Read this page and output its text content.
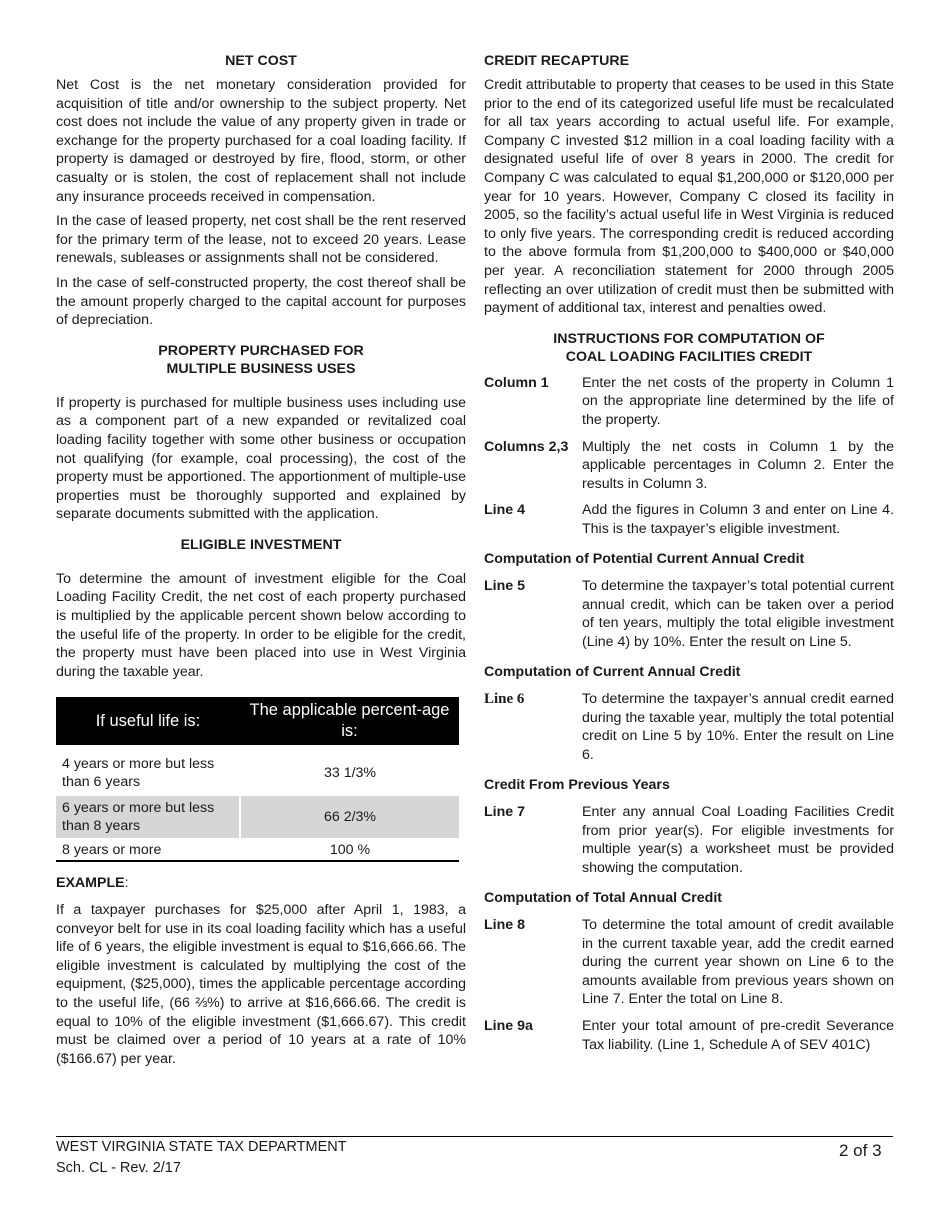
NET COST

Net Cost is the net monetary consideration provided for acquisition of title and/or ownership to the subject property. Net cost does not include the value of any property given in trade or exchange for the property purchased for a coal loading facility. If property is damaged or destroyed by fire, flood, storm, or other casualty or is stolen, the cost of replacement shall not include any insurance proceeds received in compensation.

In the case of leased property, net cost shall be the rent reserved for the primary term of the lease, not to exceed 20 years. Lease renewals, subleases or assignments shall not be considered.

In the case of self-constructed property, the cost thereof shall be the amount properly charged to the capital account for purposes of depreciation.

PROPERTY PURCHASED FOR
MULTIPLE BUSINESS USES

If property is purchased for multiple business uses including use as a component part of a new expanded or revitalized coal loading facility together with some other business or occupation not qualifying (for example, coal processing), the cost of the property must be apportioned. The apportionment of multiple-use properties must be thoroughly supported and explained by separate documents submitted with the application.

ELIGIBLE INVESTMENT

To determine the amount of investment eligible for the Coal Loading Facility Credit, the net cost of each property purchased is multiplied by the applicable percent shown below according to the useful life of the property. In order to be eligible for the credit, the property must have been placed into use in West Virginia during the taxable year.

If useful life is:	The applicable percent-age is:
4 years or more but less than 6 years	33 1/3%
6 years or more but less than 8 years	66 2/3%
8 years or more	100 %
EXAMPLE:

If a taxpayer purchases for $25,000 after April 1, 1983, a conveyor belt for use in its coal loading facility which has a useful life of 6 years, the eligible investment is equal to $16,666.66. The eligible investment is calculated by multiplying the cost of the equipment, ($25,000), times the applicable percentage according to the useful life, (66 ⅔%) to arrive at $16,666.66. The credit is equal to 10% of the eligible investment ($1,666.67). This credit must be claimed over a period of 10 years at a rate of 10% ($166.67) per year.

CREDIT RECAPTURE

Credit attributable to property that ceases to be used in this State prior to the end of its categorized useful life must be recalculated for all tax years according to actual useful life. For example, Company C invested $12 million in a coal loading facility with a designated useful life of over 8 years in 2000. The credit for Company C was calculated to equal $1,200,000 or $120,000 per year for 10 years. However, Company C closed its facility in 2005, so the facility’s actual useful life in West Virginia is reduced to only five years. The corresponding credit is reduced according to the above formula from $1,200,000 to $400,000 or $40,000 per year. A reconciliation statement for 2000 through 2005 reflecting an over utilization of credit must then be submitted with payment of additional tax, interest and penalties owed.

INSTRUCTIONS FOR COMPUTATION OF
COAL LOADING FACILITIES CREDIT
Column 1	Enter the net costs of the property in Column 1 on the appropriate line determined by the life of the property.
Columns 2,3 Multiply the net costs in Column 1 by the applicable percentages in Column 2. Enter the results in Column 3.
Line 4	Add the figures in Column 3 and enter on Line 4. This is the taxpayer’s eligible investment.
Computation of Potential Current Annual Credit
Line 5	To determine the taxpayer’s total potential current annual credit, which can be taken over a period of ten years, multiply the total eligible investment (Line 4) by 10%. Enter the result on Line 5.
Computation of Current Annual Credit
Line 6	To determine the taxpayer’s annual credit earned during the taxable year, multiply the total potential credit on Line 5 by 10%. Enter the result on Line 6.
Credit From Previous Years
Line 7	Enter any annual Coal Loading Facilities Credit from prior year(s). For eligible investments for multiple year(s) a worksheet must be provided showing the computation.
Computation of Total Annual Credit
Line 8	To determine the total amount of credit available in the current taxable year, add the credit earned during the current year shown on Line 6 to the amounts available from previous years shown on Line 7. Enter the total on Line 8.
Line 9a	Enter your total amount of pre-credit Severance Tax liability. (Line 1, Schedule A of SEV 401C)
WEST VIRGINIA STATE TAX DEPARTMENT
Sch. CL - Rev. 2/17
2 of 3
